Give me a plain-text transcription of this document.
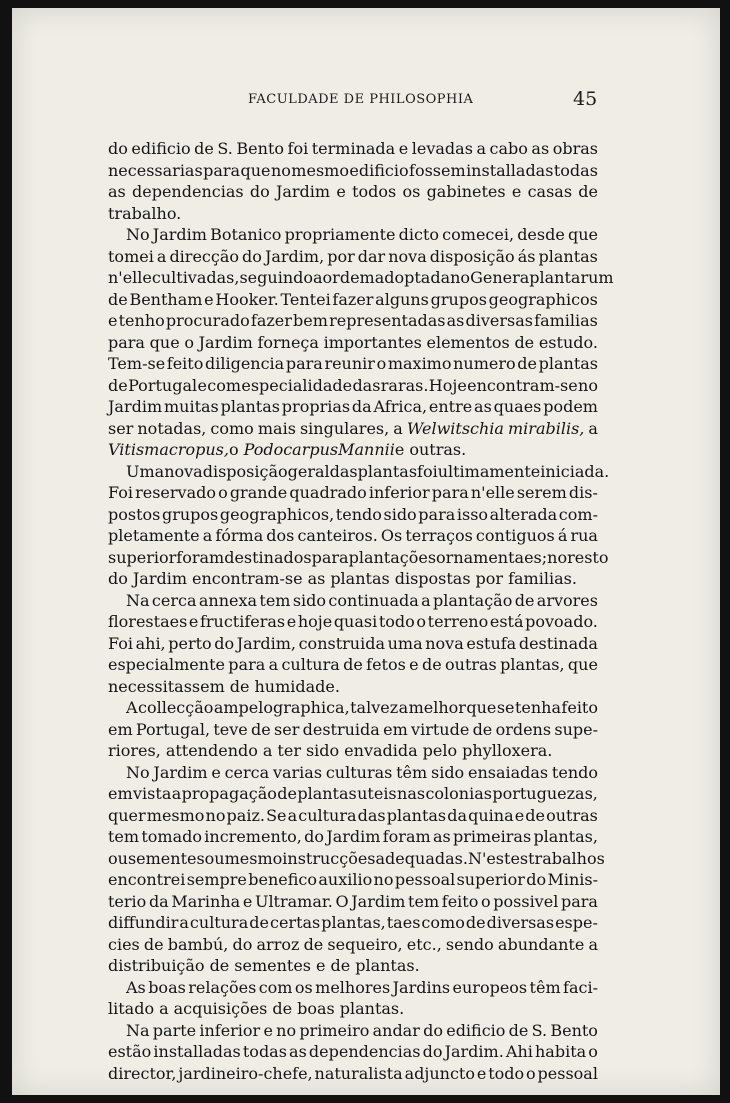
FACULDADE DE PHILOSOPHIA	45
do edificio de S. Bento foi terminada e levadas a cabo as obras
necessarias para que no mesmo edificio fossem installadas todas
as dependencias do Jardim e todos os gabinetes e casas de
trabalho.
No Jardim Botanico propriamente dicto comecei, desde que
tomei a direcção do Jardim, por dar nova disposição ás plantas
n'elle cultivadas, seguindo a ordem adoptada no Genera plantarum
de Bentham e Hooker. Tentei fazer alguns grupos geographicos
e tenho procurado fazer bem representadas as diversas familias
para que o Jardim forneça importantes elementos de estudo.
Tem-se feito diligencia para reunir o maximo numero de plantas
de Portugal e com especialidade das raras. Hoje encontram-se no
Jardim muitas plantas proprias da Africa, entre as quaes podem
ser notadas, como mais singulares, a Welwitschia mirabilis, a
Vitis macropus, o Podocarpus Mannii e outras.
Uma nova disposição geral das plantas foi ultimamente iniciada.
Foi reservado o grande quadrado inferior para n'elle serem dis-
postos grupos geographicos, tendo sido para isso alterada com-
pletamente a fórma dos canteiros. Os terraços contiguos á rua
superior foram destinados para plantações ornamentaes; no resto
do Jardim encontram-se as plantas dispostas por familias.
Na cerca annexa tem sido continuada a plantação de arvores
florestaes e fructiferas e hoje quasi todo o terreno está povoado.
Foi ahi, perto do Jardim, construida uma nova estufa destinada
especialmente para a cultura de fetos e de outras plantas, que
necessitassem de humidade.
A collecção ampelographica, talvez a melhor que se tenha feito
em Portugal, teve de ser destruida em virtude de ordens supe-
riores, attendendo a ter sido envadida pelo phylloxera.
No Jardim e cerca varias culturas têm sido ensaiadas tendo
em vista a propagação de plantas uteis nas colonias portuguezas,
quer mesmo no paiz. Se a cultura das plantas da quina e de outras
tem tomado incremento, do Jardim foram as primeiras plantas,
ou sementes ou mesmo instrucções adequadas. N'estes trabalhos
encontrei sempre benefico auxilio no pessoal superior do Minis-
terio da Marinha e Ultramar. O Jardim tem feito o possivel para
diffundir a cultura de certas plantas, taes como de diversas espe-
cies de bambú, do arroz de sequeiro, etc., sendo abundante a
distribuição de sementes e de plantas.
As boas relações com os melhores Jardins europeos têm faci-
litado a acquisições de boas plantas.
Na parte inferior e no primeiro andar do edificio de S. Bento
estão installadas todas as dependencias do Jardim. Ahi habita o
director, jardineiro-chefe, naturalista adjuncto e todo o pessoal
